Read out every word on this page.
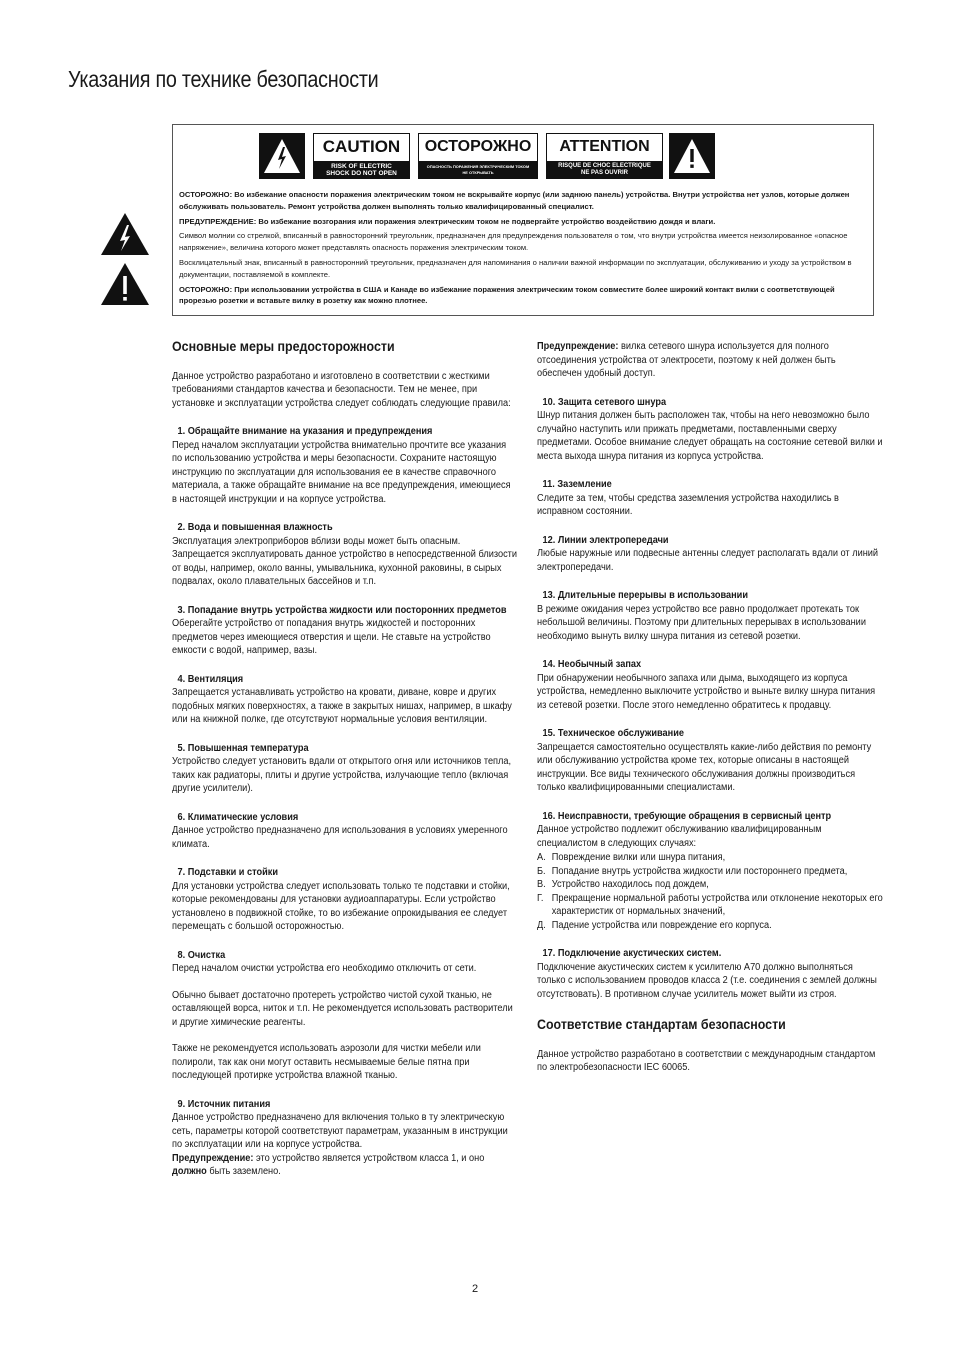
Указания по технике безопасности
CAUTION
RISK OF ELECTRIC
SHOCK DO NOT OPEN
ОСТОРОЖНО
ОПАСНОСТЬ ПОРАЖЕНИЯ ЭЛЕКТРИЧЕСКИМ ТОКОМ
НЕ ОТКРЫВАТЬ
ATTENTION
RISQUE DE CHOC ELECTRIQUE
NE PAS OUVRIR

ОСТОРОЖНО: Во избежание опасности поражения электрическим током не вскрывайте корпус (или заднюю панель) устройства. Внутри устройства нет узлов, которые должен обслуживать пользователь. Ремонт устройства должен выполнять только квалифицированный специалист.

ПРЕДУПРЕЖДЕНИЕ: Во избежание возгорания или поражения электрическим током не подвергайте устройство воздействию дождя и влаги.

Символ молнии со стрелкой, вписанный в равносторонний треугольник, предназначен для предупреждения пользователя о том, что внутри устройства имеется неизолированное «опасное напряжение», величина которого может представлять опасность поражения электрическим током.

Восклицательный знак, вписанный в равносторонний треугольник, предназначен для напоминания о наличии важной информации по эксплуатации, обслуживанию и уходу за устройством в документации, поставляемой в комплекте.

ОСТОРОЖНО: При использовании устройства в США и Канаде во избежание поражения электрическим током совместите более широкий контакт вилки с соответствующей прорезью розетки и вставьте вилку в розетку как можно плотнее.

Основные меры предосторожности

Данное устройство разработано и изготовлено в соответствии с жесткими требованиями стандартов качества и безопасности. Тем не менее, при установке и эксплуатации устройства следует соблюдать следующие правила:

1. Обращайте внимание на указания и предупреждения

Перед началом эксплуатации устройства внимательно прочтите все указания по использованию устройства и меры безопасности. Сохраните настоящую инструкцию по эксплуатации для использования ее в качестве справочного материала, а также обращайте внимание на все предупреждения, имеющиеся в настоящей инструкции и на корпусе устройства.

2. Вода и повышенная влажность

Эксплуатация электроприборов вблизи воды может быть опасным. Запрещается эксплуатировать данное устройство в непосредственной близости от воды, например, около ванны, умывальника, кухонной раковины, в сырых подвалах, около плавательных бассейнов и т.п.

3. Попадание внутрь устройства жидкости или посторонних предметов

Оберегайте устройство от попадания внутрь жидкостей и посторонних предметов через имеющиеся отверстия и щели. Не ставьте на устройство емкости с водой, например, вазы.

4. Вентиляция

Запрещается устанавливать устройство на кровати, диване, ковре и других подобных мягких поверхностях, а также в закрытых нишах, например, в шкафу или на книжной полке, где отсутствуют нормальные условия вентиляции.

5. Повышенная температура

Устройство следует установить вдали от открытого огня или источников тепла, таких как радиаторы, плиты и другие устройства, излучающие тепло (включая другие усилители).

6. Климатические условия

Данное устройство предназначено для использования в условиях умеренного климата.

7. Подставки и стойки

Для установки устройства следует использовать только те подставки и стойки, которые рекомендованы для установки аудиоаппаратуры. Если устройство установлено в подвижной стойке, то во избежание опрокидывания ее следует перемещать с большой осторожностью.

8. Очистка

Перед началом очистки устройства его необходимо отключить от сети.

Обычно бывает достаточно протереть устройство чистой сухой тканью, не оставляющей ворса, ниток и т.п. Не рекомендуется использовать растворители и другие химические реагенты.

Также не рекомендуется использовать аэрозоли для чистки мебели или полироли, так как они могут оставить несмываемые белые пятна при последующей протирке устройства влажной тканью.

9. Источник питания

Данное устройство предназначено для включения только в ту электрическую сеть, параметры которой соответствуют параметрам, указанным в инструкции по эксплуатации или на корпусе устройства.

Предупреждение: это устройство является устройством класса 1, и оно должно быть заземлено.

Предупреждение: вилка сетевого шнура используется для полного отсоединения устройства от электросети, поэтому к ней должен быть обеспечен удобный доступ.

10. Защита сетевого шнура

Шнур питания должен быть расположен так, чтобы на него невозможно было случайно наступить или прижать предметами, поставленными сверху предметами. Особое внимание следует обращать на состояние сетевой вилки и места выхода шнура питания из корпуса устройства.

11. Заземление

Следите за тем, чтобы средства заземления устройства находились в исправном состоянии.

12. Линии электропередачи

Любые наружные или подвесные антенны следует располагать вдали от линий электропередачи.

13. Длительные перерывы в использовании

В режиме ожидания через устройство все равно продолжает протекать ток небольшой величины. Поэтому при длительных перерывах в использовании необходимо вынуть вилку шнура питания из сетевой розетки.

14. Необычный запах

При обнаружении необычного запаха или дыма, выходящего из корпуса устройства, немедленно выключите устройство и выньте вилку шнура питания из сетевой розетки. После этого немедленно обратитесь к продавцу.

15. Техническое обслуживание

Запрещается самостоятельно осуществлять какие-либо действия по ремонту или обслуживанию устройства кроме тех, которые описаны в настоящей инструкции. Все виды технического обслуживания должны производиться только квалифицированными специалистами.

16. Неисправности, требующие обращения в сервисный центр

Данное устройство подлежит обслуживанию квалифицированным специалистом в следующих случаях:

А. Повреждение вилки или шнура питания,
Б. Попадание внутрь устройства жидкости или постороннего предмета,
В. Устройство находилось под дождем,
Г. Прекращение нормальной работы устройства или отклонение некоторых его характеристик от нормальных значений,
Д. Падение устройства или повреждение его корпуса.
17. Подключение акустических систем.

Подключение акустических систем к усилителю A70 должно выполняться только с использованием проводов класса 2 (т.е. соединения с землей должны отсутствовать). В противном случае усилитель может выйти из строя.

Соответствие стандартам безопасности

Данное устройство разработано в соответствии с международным стандартом по электробезопасности IEC 60065.

2
